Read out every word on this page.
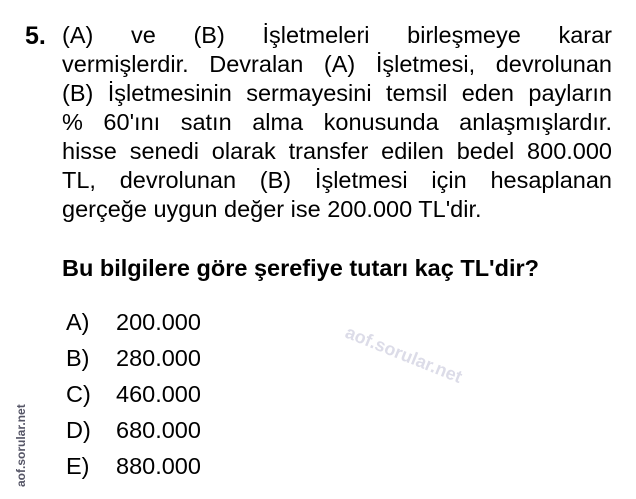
5. (A) ve (B) İşletmeleri birleşmeye karar
vermişlerdir. Devralan (A) İşletmesi, devrolunan
(B) İşletmesinin sermayesini temsil eden payların
% 60'ını satın alma konusunda anlaşmışlardır.
hisse senedi olarak transfer edilen bedel 800.000
TL, devrolunan (B) İşletmesi için hesaplanan
gerçeğe uygun değer ise 200.000 TL'dir.
Bu bilgilere göre şerefiye tutarı kaç TL'dir?
A)	200.000
B)	280.000
C)	460.000
D)	680.000
E)	880.000
aof.sorular.net
aof.sorular.net
